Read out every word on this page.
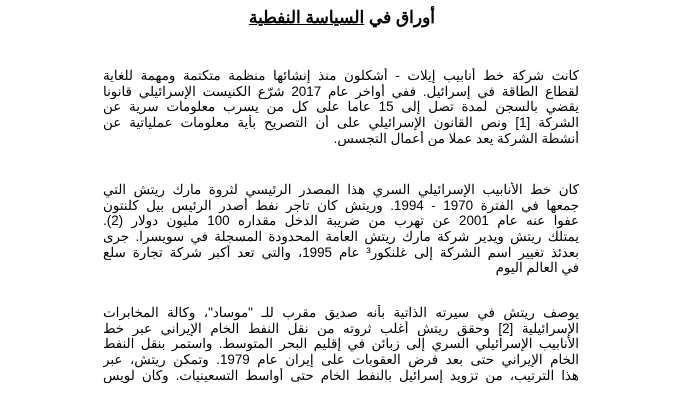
أوراق في السياسة النفطية
كانت شركة خط أنابيب إيلات - أشكلون منذ إنشائها منظمة متكتمة ومهمة للغاية
لقطاع الطاقة في إسرائيل. ففي أواخر عام 2017 شرّع الكنيست الإسرائيلي قانونا
يقضي بالسجن لمدة تصل إلى 15 عاما على كل من يسرب معلومات سرية عن
الشركة [1] ونص القانون الإسرائيلي على أن التصريح بأية معلومات عملياتية عن
أنشطة الشركة يعد عملا من أعمال التجسس.
كان خط الأنابيب الإسرائيلي السري هذا المصدر الرئيسي لثروة مارك ريتش التي
جمعها في الفترة 1970 - 1994. وريتش كان تاجر نفط أصدر الرئيس بيل كلنتون
عفوا عنه عام 2001 عن تهرب من ضريبة الدخل مقداره 100 مليون دولار (2).
يمتلك ريتش ويدير شركة مارك ريتش العامة المحدودة المسجلة في سويسرا. جرى
بعدئذ تغيير اسم الشركة إلى غلنكور³ عام 1995، والتي تعد أكبر شركة تجارة سلع
في العالم اليوم
يوصف ريتش في سيرته الذاتية بأنه صديق مقرب للـ "موساد"، وكالة المخابرات
الإسرائيلية [2] وحقق ريتش أغلب ثروته من نقل النفط الخام الإيراني عبر خط
الأنابيب الإسرائيلي السري إلى زبائن في إقليم البحر المتوسط. واستمر بنقل النفط
الخام الإيراني حتى بعد فرض العقوبات على إيران عام 1979. وتمكن ريتش، عبر
هذا الترتيب، من تزويد إسرائيل بالنفط الخام حتى أواسط التسعينيات. وكان لويس
